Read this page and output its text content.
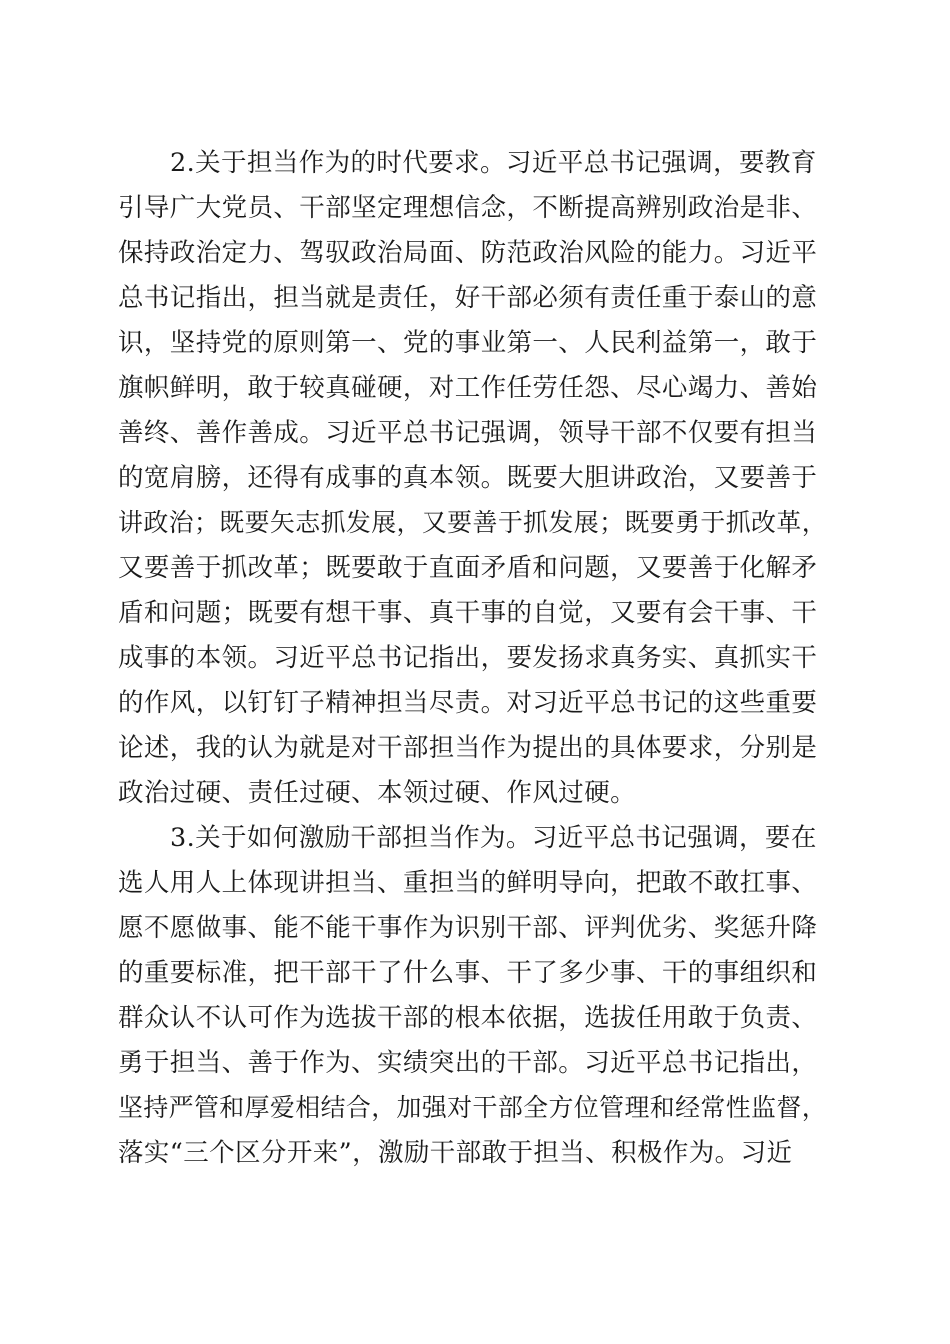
2.关于担当作为的时代要求。习近平总书记强调，要教育
引导广大党员、干部坚定理想信念，不断提高辨别政治是非、
保持政治定力、驾驭政治局面、防范政治风险的能力。习近平
总书记指出，担当就是责任，好干部必须有责任重于泰山的意
识，坚持党的原则第一、党的事业第一、人民利益第一，敢于
旗帜鲜明，敢于较真碰硬，对工作任劳任怨、尽心竭力、善始
善终、善作善成。习近平总书记强调，领导干部不仅要有担当
的宽肩膀，还得有成事的真本领。既要大胆讲政治，又要善于
讲政治；既要矢志抓发展，又要善于抓发展；既要勇于抓改革，
又要善于抓改革；既要敢于直面矛盾和问题，又要善于化解矛
盾和问题；既要有想干事、真干事的自觉，又要有会干事、干
成事的本领。习近平总书记指出，要发扬求真务实、真抓实干
的作风，以钉钉子精神担当尽责。对习近平总书记的这些重要
论述，我的认为就是对干部担当作为提出的具体要求，分别是
政治过硬、责任过硬、本领过硬、作风过硬。
3.关于如何激励干部担当作为。习近平总书记强调，要在
选人用人上体现讲担当、重担当的鲜明导向，把敢不敢扛事、
愿不愿做事、能不能干事作为识别干部、评判优劣、奖惩升降
的重要标准，把干部干了什么事、干了多少事、干的事组织和
群众认不认可作为选拔干部的根本依据，选拔任用敢于负责、
勇于担当、善于作为、实绩突出的干部。习近平总书记指出，
坚持严管和厚爱相结合，加强对干部全方位管理和经常性监督，
落实“三个区分开来”，激励干部敢于担当、积极作为。习近
